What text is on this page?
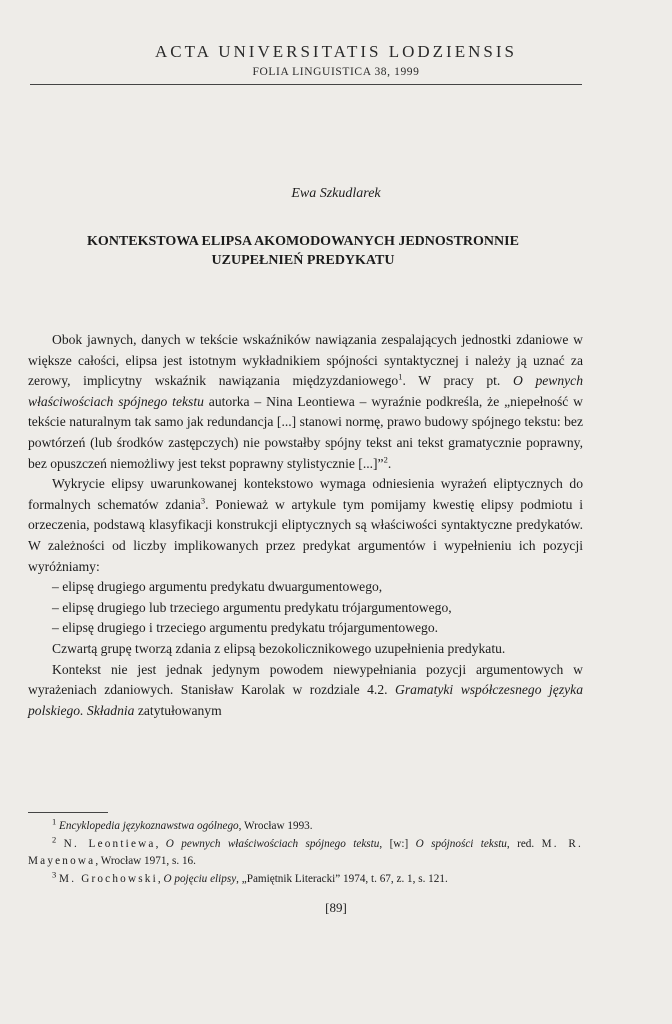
ACTA UNIVERSITATIS LODZIENSIS
FOLIA LINGUISTICA 38, 1999
Ewa Szkudlarek
KONTEKSTOWA ELIPSA AKOMODOWANYCH JEDNOSTRONNIE
UZUPEŁNIEŃ PREDYKATU

Obok jawnych, danych w tekście wskaźników nawiązania zespalających jednostki zdaniowe w większe całości, elipsa jest istotnym wykładnikiem spójności syntaktycznej i należy ją uznać za zerowy, implicytny wskaźnik nawiązania międzyzdaniowego$^1$. W pracy pt. O pewnych właściwościach spójnego tekstu autorka – Nina Leontiewa – wyraźnie podkreśla, że „niepełność w tekście naturalnym tak samo jak redundancja [...] stanowi normę, prawo budowy spójnego tekstu: bez powtórzeń (lub środków zastępczych) nie powstałby spójny tekst ani tekst gramatycznie poprawny, bez opuszczeń niemożliwy jest tekst poprawny stylistycznie [...]”$^2$.

Wykrycie elipsy uwarunkowanej kontekstowo wymaga odniesienia wyrażeń eliptycznych do formalnych schematów zdania$^3$. Ponieważ w artykule tym pomijamy kwestię elipsy podmiotu i orzeczenia, podstawą klasyfikacji konstrukcji eliptycznych są właściwości syntaktyczne predykatów. W zależności od liczby implikowanych przez predykat argumentów i wypełnieniu ich pozycji wyróżniamy:

– elipsę drugiego argumentu predykatu dwuargumentowego,
– elipsę drugiego lub trzeciego argumentu predykatu trójargumentowego,
– elipsę drugiego i trzeciego argumentu predykatu trójargumentowego.

Czwartą grupę tworzą zdania z elipsą bezokolicznikowego uzupełnienia predykatu.

Kontekst nie jest jednak jedynym powodem niewypełniania pozycji argumentowych w wyrażeniach zdaniowych. Stanisław Karolak w rozdziale 4.2. Gramatyki współczesnego języka polskiego. Składnia zatytułowanym

$^1$ Encyklopedia językoznawstwa ogólnego, Wrocław 1993.

$^2$ N. Leontiewa, O pewnych właściwościach spójnego tekstu, [w:] O spójności tekstu, red. M. R. Mayenowa, Wrocław 1971, s. 16.

$^3$ M. Grochowski, O pojęciu elipsy, „Pamiętnik Literacki” 1974, t. 67, z. 1, s. 121.

[89]
